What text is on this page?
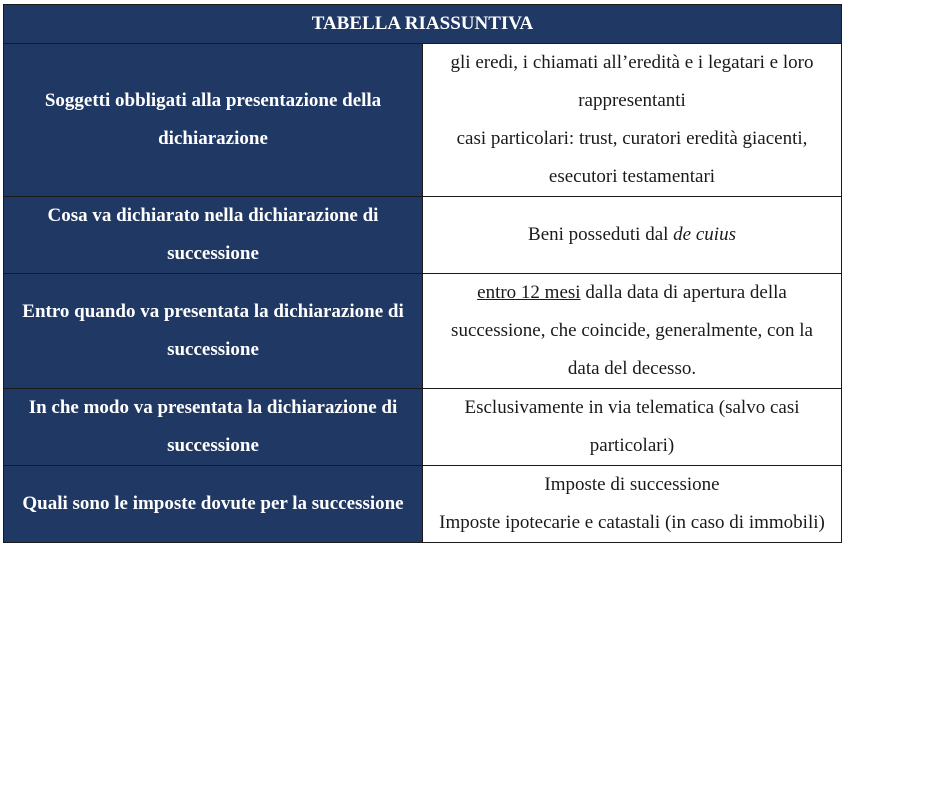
TABELLA RIASSUNTIVA	
Soggetti obbligati alla presentazione della dichiarazione	gli eredi, i chiamati all’eredità e i legatari e loro rappresentanti
casi particolari: trust, curatori eredità giacenti, esecutori testamentari

Cosa va dichiarato nella dichiarazione di successione	Beni posseduti dal de cuius
Entro quando va presentata la dichiarazione di successione	entro 12 mesi dalla data di apertura della successione, che coincide, generalmente, con la data del decesso.
In che modo va presentata la dichiarazione di successione	Esclusivamente in via telematica (salvo casi particolari)

Quali sono le imposte dovute per la successione	Imposte di successione
Imposte ipotecarie e catastali (in caso di immobili)
